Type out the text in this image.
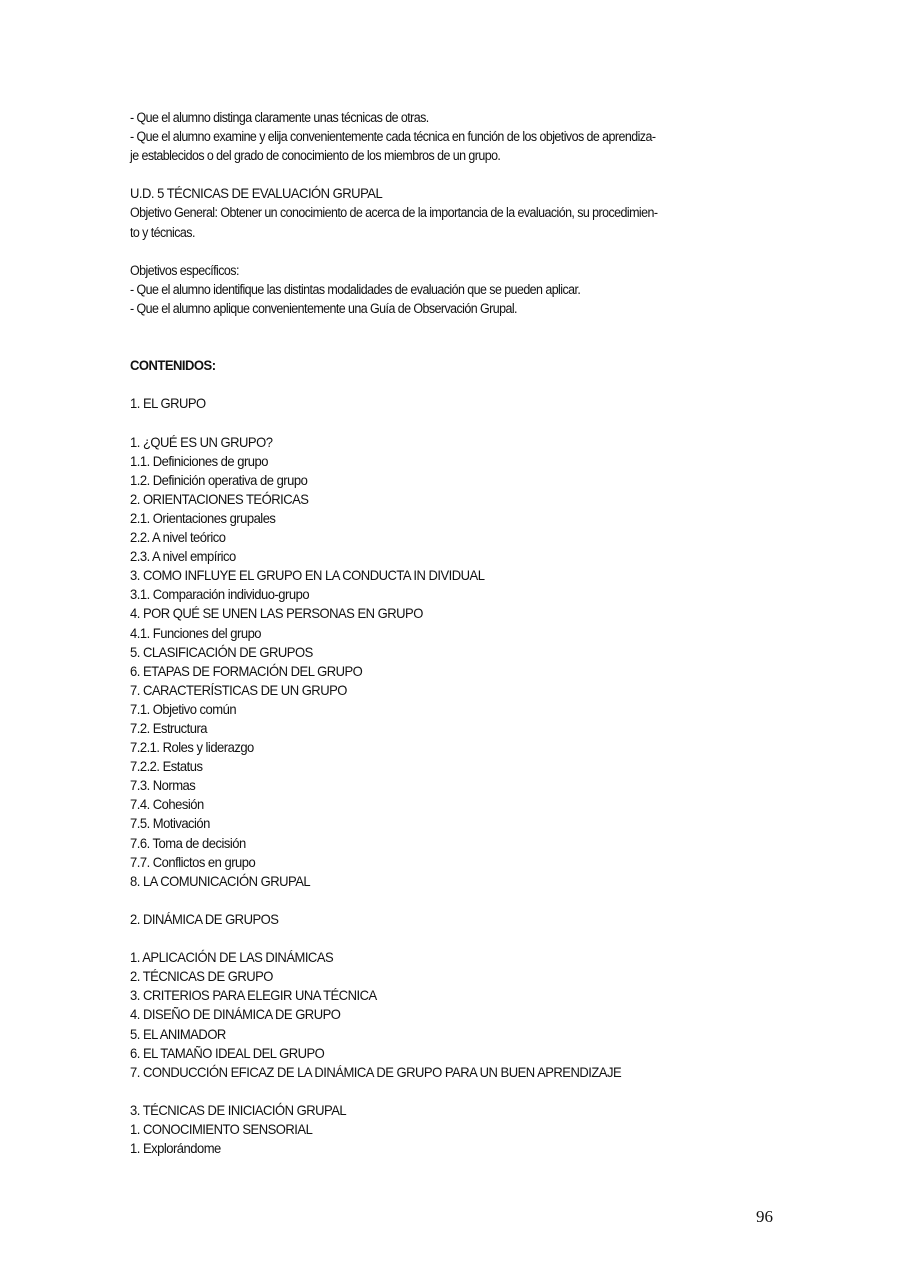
- Que el alumno distinga claramente unas técnicas de otras.
- Que el alumno examine y elija convenientemente cada técnica en función de los objetivos de aprendiza-
je establecidos o del grado de conocimiento de los miembros de un grupo.
U.D. 5 TÉCNICAS DE EVALUACIÓN GRUPAL
Objetivo General: Obtener un conocimiento de acerca de la importancia de la evaluación, su procedimien-
to y técnicas.
Objetivos específicos:
- Que el alumno identifique las distintas modalidades de evaluación que se pueden aplicar.
- Que el alumno aplique convenientemente una Guía de Observación Grupal.
CONTENIDOS:
1. EL GRUPO
1. ¿QUÉ ES UN GRUPO?
1.1. Definiciones de grupo
1.2. Definición operativa de grupo
2. ORIENTACIONES TEÓRICAS
2.1. Orientaciones grupales
2.2. A nivel teórico
2.3. A nivel empírico
3. COMO INFLUYE EL GRUPO EN LA CONDUCTA IN DIVIDUAL
3.1. Comparación individuo-grupo
4. POR QUÉ SE UNEN LAS PERSONAS EN GRUPO
4.1. Funciones del grupo
5. CLASIFICACIÓN DE GRUPOS
6. ETAPAS DE FORMACIÓN DEL GRUPO
7. CARACTERÍSTICAS DE UN GRUPO
7.1. Objetivo común
7.2. Estructura
7.2.1. Roles y liderazgo
7.2.2. Estatus
7.3. Normas
7.4. Cohesión
7.5. Motivación
7.6. Toma de decisión
7.7. Conflictos en grupo
8. LA COMUNICACIÓN GRUPAL
2. DINÁMICA DE GRUPOS
1. APLICACIÓN DE LAS DINÁMICAS
2. TÉCNICAS DE GRUPO
3. CRITERIOS PARA ELEGIR UNA TÉCNICA
4. DISEÑO DE DINÁMICA DE GRUPO
5. EL ANIMADOR
6. EL TAMAÑO IDEAL DEL GRUPO
7. CONDUCCIÓN EFICAZ DE LA DINÁMICA DE GRUPO PARA UN BUEN APRENDIZAJE
3. TÉCNICAS DE INICIACIÓN GRUPAL
1. CONOCIMIENTO SENSORIAL
1. Explorándome
96
